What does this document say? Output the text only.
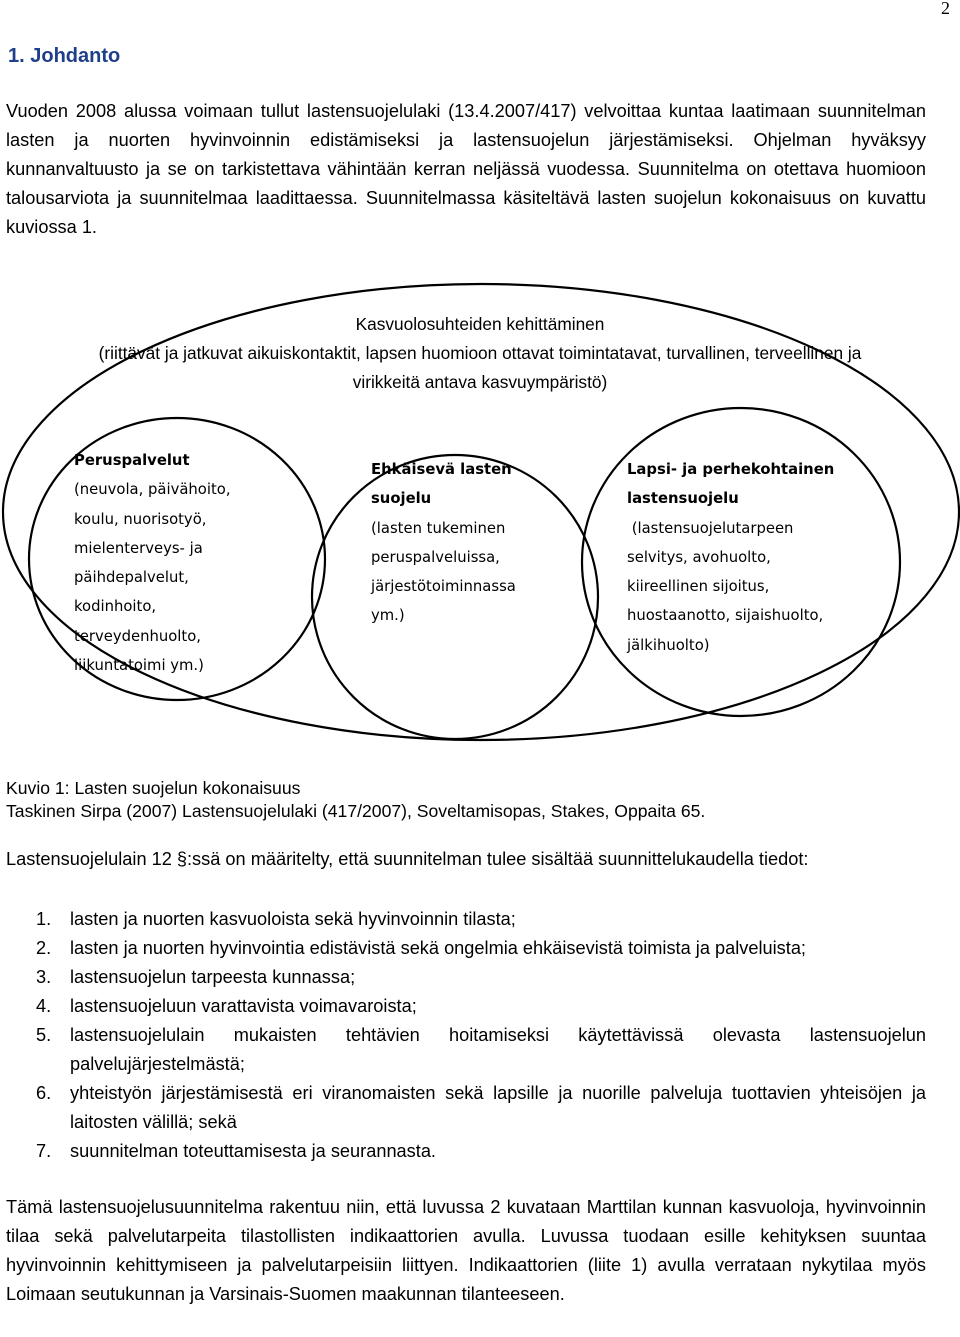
2
1. Johdanto

Vuoden 2008 alussa voimaan tullut lastensuojelulaki (13.4.2007/417) velvoittaa kuntaa laatimaan suunnitelman lasten ja nuorten hyvinvoinnin edistämiseksi ja lastensuojelun järjestämiseksi. Ohjelman hyväksyy kunnanvaltuusto ja se on tarkistettava vähintään kerran neljässä vuodessa. Suunnitelma on otettava huomioon talousarviota ja suunnitelmaa laadittaessa. Suunnitelmassa käsiteltävä lasten suojelun kokonaisuus on kuvattu kuviossa 1.

Kasvuolosuhteiden kehittäminen
(riittävät ja jatkuvat aikuiskontaktit, lapsen huomioon ottavat toimintatavat, turvallinen, terveellinen ja virikkeitä antava kasvuympäristö)
Peruspalvelut
(neuvola, päivähoito,
koulu, nuorisotyö,
mielenterveys- ja
päihdepalvelut,
kodinhoito,
terveydenhuolto,
liikuntatoimi ym.)
Ehkäisevä lasten
suojelu
(lasten tukeminen
peruspalveluissa,
järjestötoiminnassa
ym.)
Lapsi- ja perhekohtainen
lastensuojelu
(lastensuojelutarpeen
selvitys, avohuolto,
kiireellinen sijoitus,
huostaanotto, sijaishuolto,
jälkihuolto)
Kuvio 1: Lasten suojelun kokonaisuus
Taskinen Sirpa (2007) Lastensuojelulaki (417/2007), Soveltamisopas, Stakes, Oppaita 65.

Lastensuojelulain 12 §:ssä on määritelty, että suunnitelman tulee sisältää suunnittelukaudella tiedot:

1. lasten ja nuorten kasvuoloista sekä hyvinvoinnin tilasta;
2. lasten ja nuorten hyvinvointia edistävistä sekä ongelmia ehkäisevistä toimista ja palveluista;
3. lastensuojelun tarpeesta kunnassa;
4. lastensuojeluun varattavista voimavaroista;
5. lastensuojelulain mukaisten tehtävien hoitamiseksi käytettävissä olevasta lastensuojelun palvelujärjestelmästä;
6. yhteistyön järjestämisestä eri viranomaisten sekä lapsille ja nuorille palveluja tuottavien yhteisöjen ja laitosten välillä; sekä
7. suunnitelman toteuttamisesta ja seurannasta.

Tämä lastensuojelusuunnitelma rakentuu niin, että luvussa 2 kuvataan Marttilan kunnan kasvuoloja, hyvinvoinnin tilaa sekä palvelutarpeita tilastollisten indikaattorien avulla. Luvussa tuodaan esille kehityksen suuntaa hyvinvoinnin kehittymiseen ja palvelutarpeisiin liittyen. Indikaattorien (liite 1) avulla verrataan nykytilaa myös Loimaan seutukunnan ja Varsinais-Suomen maakunnan tilanteeseen.
